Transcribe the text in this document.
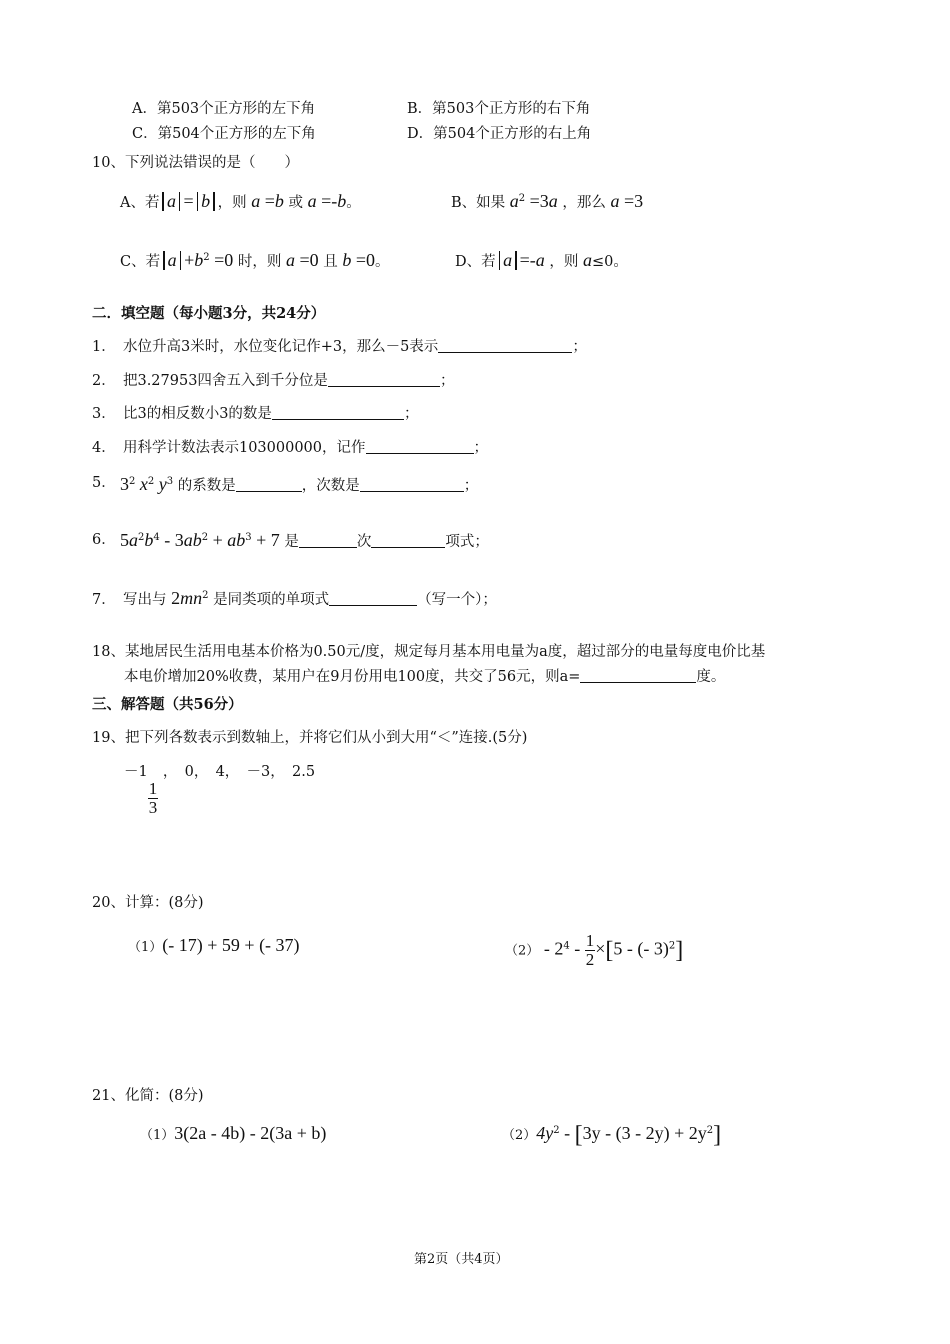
A．第503个正方形的左下角	B．第503个正方形的右下角
C．第504个正方形的左下角	D．第504个正方形的右上角
10、下列说法错误的是（　　）
A、若 a = b ，则 a =b 或 a =-b。	B、如果 $a^2 =3a$ ，那么 a =3
C、若 $a +b^2 =0$ 时，则 a =0 且 b =0。	D、若 a =-a ，则 a≤0。
二．填空题（每小题3分，共24分）
1．　水位升高3米时，水位变化记作+3，那么－5表示	；
2．　把3.27953四舍五入到千分位是	；
3．　比3的相反数小3的数是	；
4．　用科学计数法表示103000000，记作	；
5． $3^2$ $x^2$ $y^3$ 的系数是	，次数是	；
6． $5a^2b^4 - 3ab^2 + ab^3 + 7$ 是	次	项式；
7．　写出与 $2mn^2$ 是同类项的单项式	（写一个）；
18、某地居民生活用电基本价格为0.50元/度，规定每月基本用电量为a度，超过部分的电量每度电价比基
本电价增加20%收费，某用户在9月份用电100度，共交了56元，则a=	度。
三、解答题（共56分）
19、把下列各数表示到数轴上，并将它们从小到大用“＜”连接.(5分)
－1
$\frac{1}{3}$
，　0，　4，　－3，　2.5
20、计算：(8分)
（1）(- 17) + 59 + (- 37)	$(2) - 2^4 - \frac{1}{2} \times[5$ - (- 3)$^2$]
21、化简：(8分)
（1）3(2a - 4b) - 2(3a + b)	$(2)4y^2 - [3y - (3 - 2y) + 2y^2]$
第2页（共4页）
